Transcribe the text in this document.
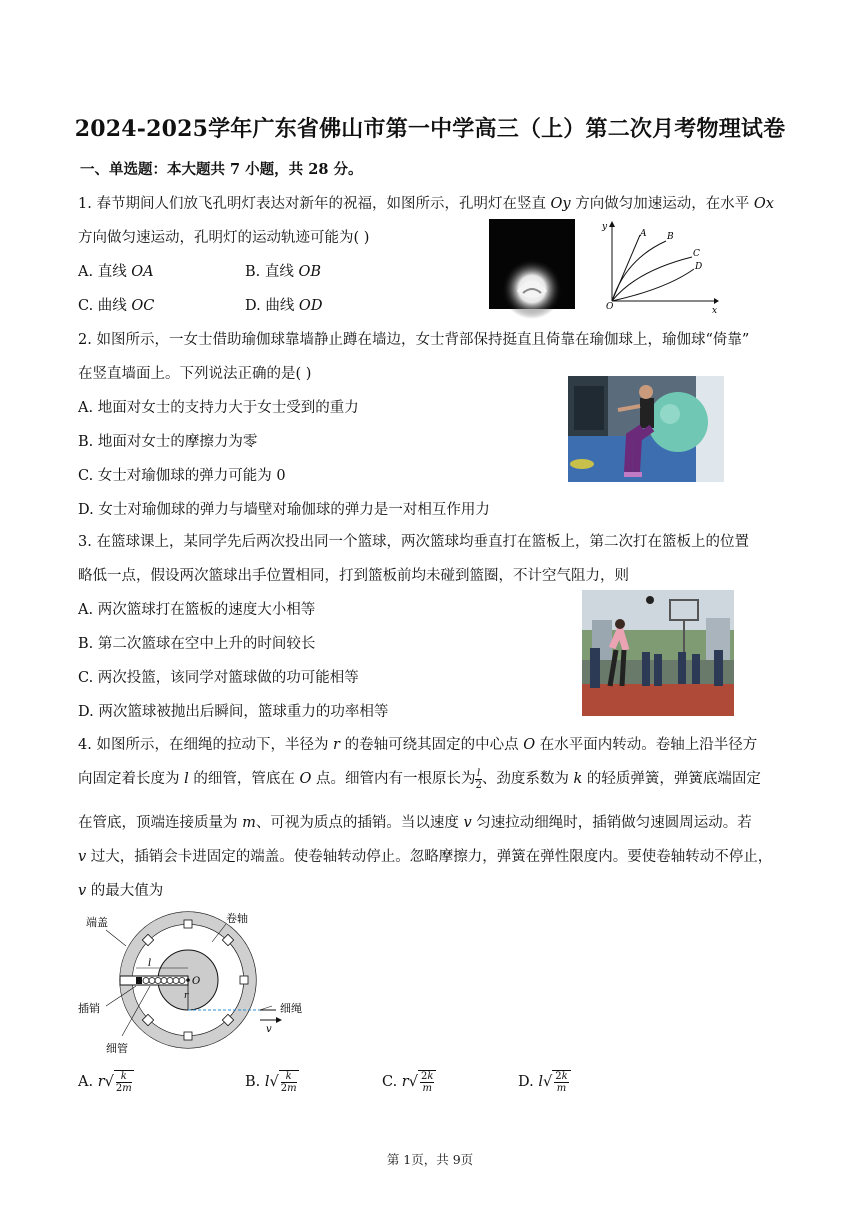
2024-2025学年广东省佛山市第一中学高三（上）第二次月考物理试卷
一、单选题：本大题共 7 小题，共 28 分。
1. 春节期间人们放飞孔明灯表达对新年的祝福，如图所示，孔明灯在竖直 𝑂𝑦 方向做匀加速运动，在水平 𝑂𝑥
方向做匀速运动，孔明灯的运动轨迹可能为( )
A. 直线 𝑂𝐴	B. 直线 𝑂𝐵
C. 曲线 𝑂𝐶	D. 曲线 𝑂𝐷
y
x
O
A B
C
D
2. 如图所示，一女士借助瑜伽球靠墙静止蹲在墙边，女士背部保持挺直且倚靠在瑜伽球上，瑜伽球“倚靠”
在竖直墙面上。下列说法正确的是( )
A. 地面对女士的支持力大于女士受到的重力
B. 地面对女士的摩擦力为零
C. 女士对瑜伽球的弹力可能为 0
D. 女士对瑜伽球的弹力与墙壁对瑜伽球的弹力是一对相互作用力
3. 在篮球课上，某同学先后两次投出同一个篮球，两次篮球均垂直打在篮板上，第二次打在篮板上的位置
略低一点，假设两次篮球出手位置相同，打到篮板前均未碰到篮圈，不计空气阻力，则
A. 两次篮球打在篮板的速度大小相等
B. 第二次篮球在空中上升的时间较长
C. 两次投篮，该同学对篮球做的功可能相等
D. 两次篮球被抛出后瞬间，篮球重力的功率相等
4. 如图所示，在细绳的拉动下，半径为 𝑟 的卷轴可绕其固定的中心点 𝑂 在水平面内转动。卷轴上沿半径方
向固定着长度为 𝑙 的细管，管底在 𝑂 点。细管内有一根原长为 $\frac{\text{𝑙}}{2}$ 、劲度系数为 𝑘 的轻质弹簧，弹簧底端固定
在管底，顶端连接质量为 𝑚、可视为质点的插销。当以速度 𝑣 匀速拉动细绳时，插销做匀速圆周运动。若
𝑣 过大，插销会卡进固定的端盖。使卷轴转动停止。忽略摩擦力，弹簧在弹性限度内。要使卷轴转动不停止，
𝑣 的最大值为
端盖	卷轴
插销
细管
细绳
l
O
r
v
A. 𝑟√ $\frac{\text{𝑘}}{\text{2𝑚}}$	B. 𝑙√ $\frac{\text{𝑘}}{\text{2𝑚}}$	C. 𝑟√ $\frac{\text{2𝑘}}{\text{𝑚}}$	D. 𝑙√ $\frac{\text{2𝑘}}{\text{𝑚}}$
第 1页，共 9页
